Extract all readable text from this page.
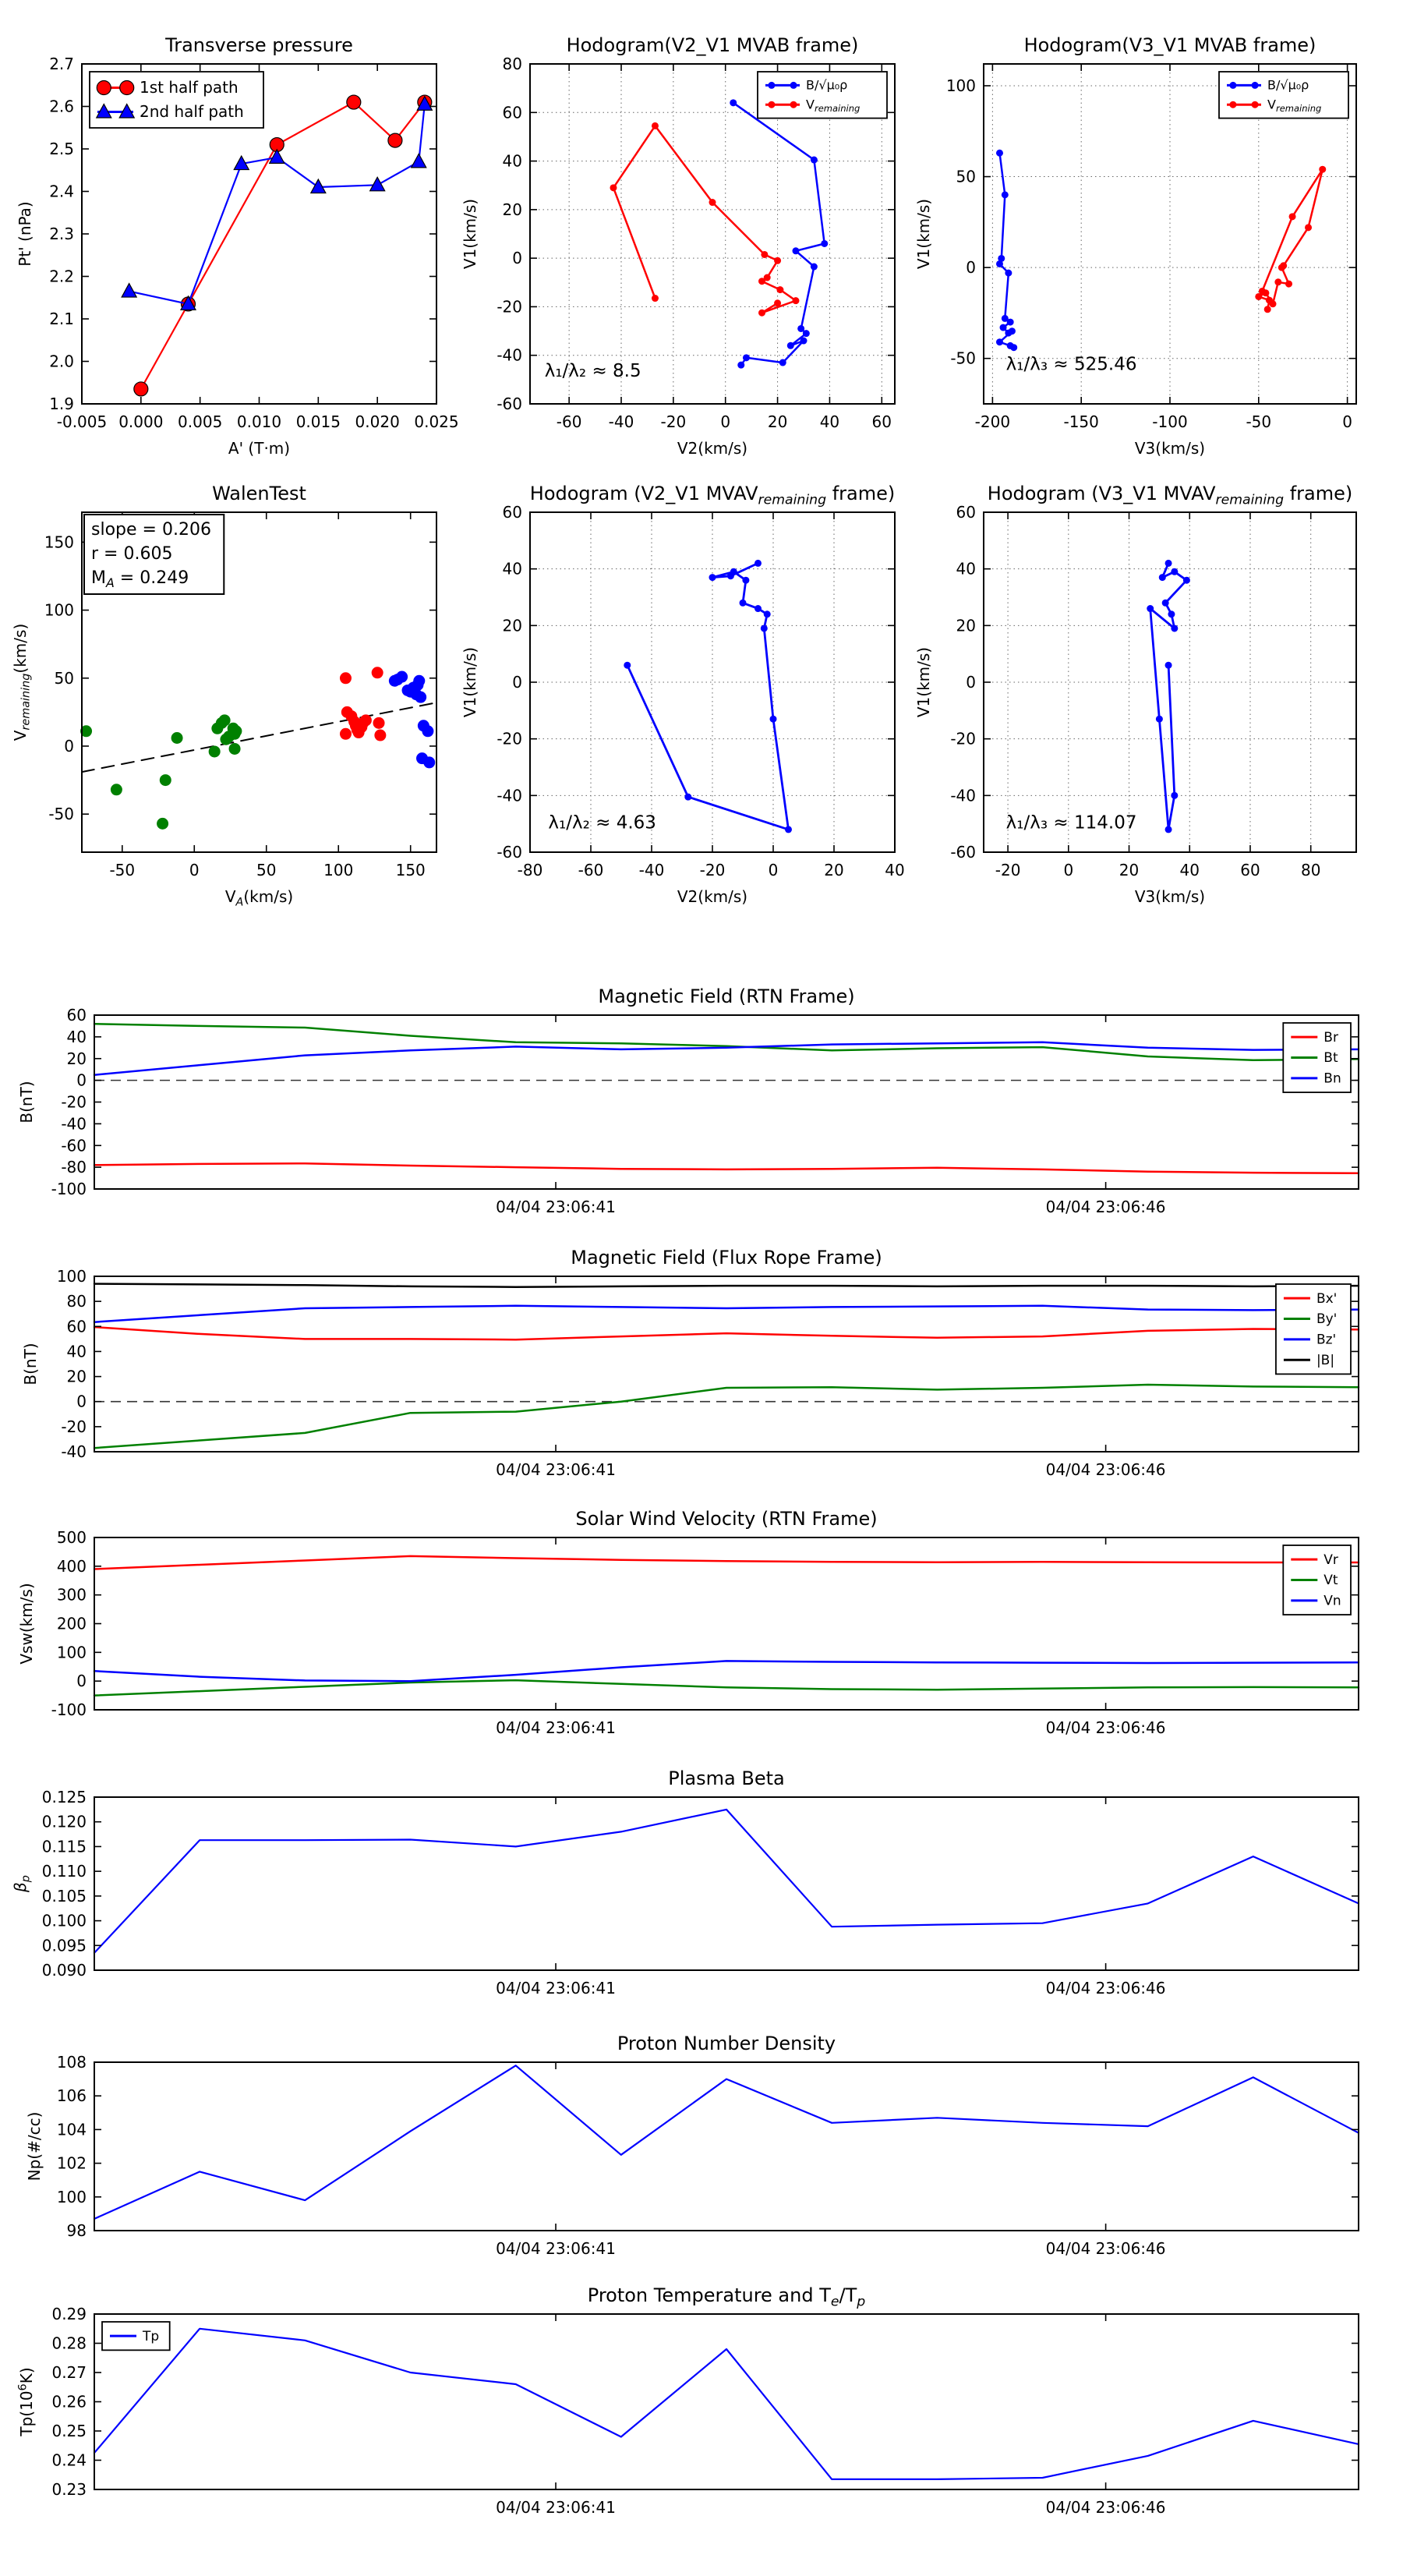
-0.005 0.000 0.005 0.010 0.015 0.020 0.025
1.9
2.0
2.1
2.2
2.3
2.4
2.5
2.6
2.7
Transverse pressure
A' (T·m)
Pt' (nPa)
1st half path
2nd half path
-60 -40 -20 0 20 40 60
-60
-40
-20
0
20
40
60
80
Hodogram(V2_V1 MVAB frame)
V2(km/s)
V1(km/s)
λ₁/λ₂ ≈ 8.5
B/√μ₀ρ
$V_{remaining}$
-200	-150	-100	-50	0
-50
0
50
100
Hodogram(V3_V1 MVAB frame)
V3(km/s)
V1(km/s)
λ₁/λ₃ ≈ 525.46
B/√μ₀ρ
$V_{remaining}$
-50	0	50	100	150
-50
0
50
100
150
WalenTest
$V_A(km/s)$
$V_{remaining}(km/s)$
slope = 0.206
r = 0.605
$M_A = 0.249$
-80 -60 -40 -20	0	20	40
-60
-40
-20
0
20
40
60
Hodogram (V2_V1 $MVAV_{remaining}$ frame)
V2(km/s)
V1(km/s)
λ₁/λ₂ ≈ 4.63
-20	0	20	40	60	80
-60
-40
-20
0
20
40
60
Hodogram (V3_V1 $MVAV_{remaining}$ frame)
V3(km/s)
V1(km/s)
λ₁/λ₃ ≈ 114.07
04/04 23:06:41	04/04 23:06:46
-100
-80
-60
-40
-20
0
20
40
60
Magnetic Field (RTN Frame)
B(nT)
Br
Bt
Bn
04/04 23:06:41	04/04 23:06:46
-40
-20
0
20
40
60
80
100
Magnetic Field (Flux Rope Frame)
B(nT)
Bx'
By'
Bz'
|B|
04/04 23:06:41	04/04 23:06:46
-100
0
100
200
300
400
500
Solar Wind Velocity (RTN Frame)
Vsw(km/s)
Vr
Vt
Vn
04/04 23:06:41	04/04 23:06:46
0.090
0.095
0.100
0.105
0.110
0.115
0.120
0.125
Plasma Beta
$\beta_p$
04/04 23:06:41	04/04 23:06:46
98
100
102
104
106
108
Proton Number Density
Np(#/cc)
04/04 23:06:41	04/04 23:06:46
0.23
0.24
0.25
0.26
0.27
0.28
0.29
Proton Temperature and $T_e/T_p$
$Tp(10^6K)$
Tp
